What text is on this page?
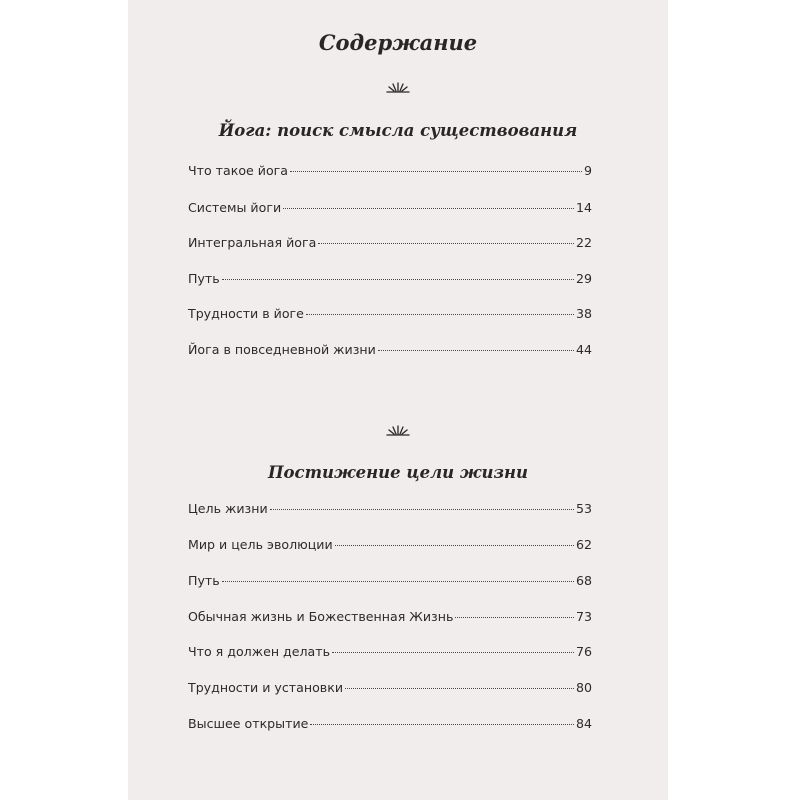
Содержание
Йога: поиск смысла существования
Что такое йога	9
Системы йоги	14
Интегральная йога	22
Путь	29
Трудности в йоге	38
Йога в повседневной жизни	44
Постижение цели жизни
Цель жизни	53
Мир и цель эволюции	62
Путь	68
Обычная жизнь и Божественная Жизнь	73
Что я должен делать	76
Трудности и установки	80
Высшее открытие	84
